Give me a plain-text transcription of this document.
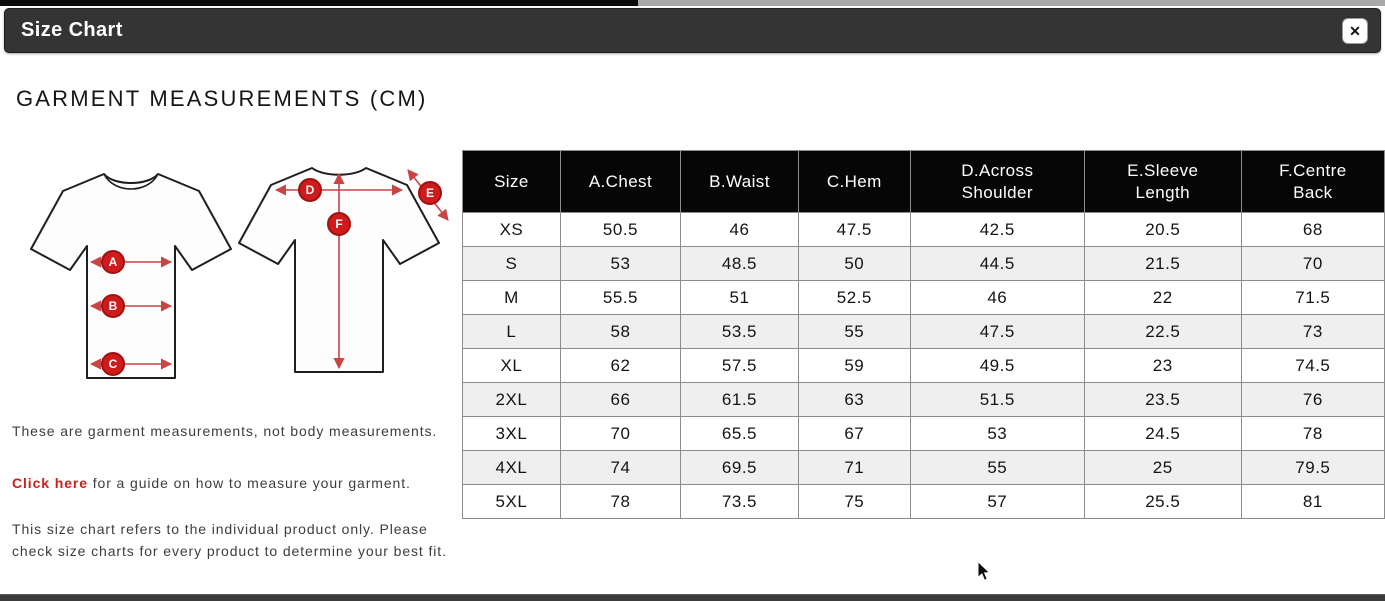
Size Chart	✕
GARMENT MEASUREMENTS (CM)
A
B
C
D
F
E

These are garment measurements, not body measurements.

Click here for a guide on how to measure your garment.

This size chart refers to the individual product only. Please check size charts for every product to determine your best fit.

Size	A.Chest	B.Waist	C.Hem	D.Across Shoulder	E.Sleeve Length	F.Centre Back
XS	50.5	46	47.5	42.5	20.5	68
S	53	48.5	50	44.5	21.5	70
M	55.5	51	52.5	46	22	71.5
L	58	53.5	55	47.5	22.5	73
XL	62	57.5	59	49.5	23	74.5
2XL	66	61.5	63	51.5	23.5	76
3XL	70	65.5	67	53	24.5	78
4XL	74	69.5	71	55	25	79.5
5XL	78	73.5	75	57	25.5	81
